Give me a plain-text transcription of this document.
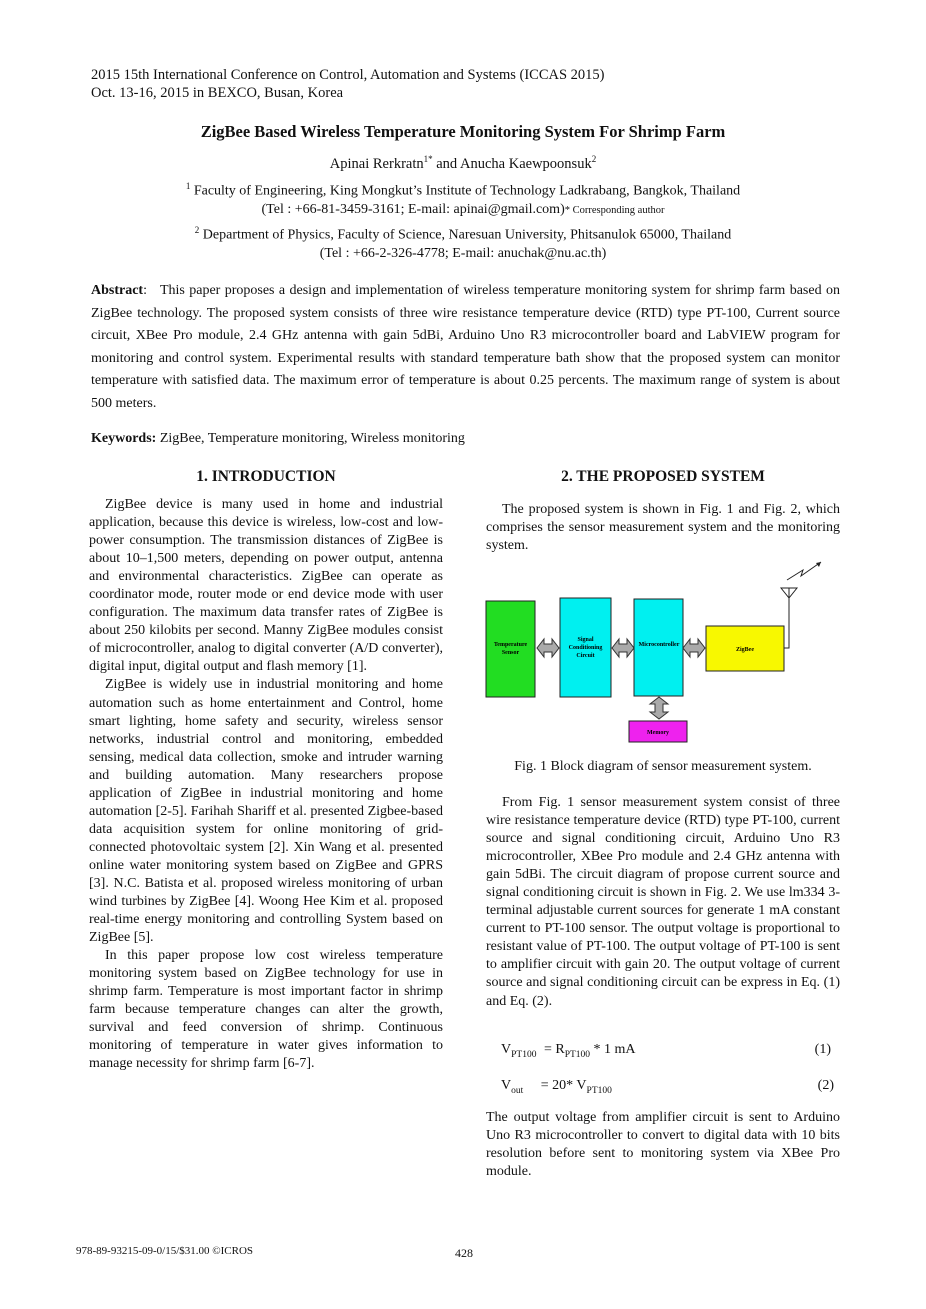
2015 15th International Conference on Control, Automation and Systems (ICCAS 2015)
Oct. 13-16, 2015 in BEXCO, Busan, Korea
ZigBee Based Wireless Temperature Monitoring System For Shrimp Farm
Apinai Rerkratn$^{1*}$ and Anucha Kaewpoonsuk$^2$
$^1$ Faculty of Engineering, King Mongkut’s Institute of Technology Ladkrabang, Bangkok, Thailand
(Tel : +66-81-3459-3161; E-mail: apinai@gmail.com)* Corresponding author
$^2$ Department of Physics, Faculty of Science, Naresuan University, Phitsanulok 65000, Thailand
(Tel : +66-2-326-4778; E-mail: anuchak@nu.ac.th)
Abstract:   This paper proposes a design and implementation of wireless temperature monitoring system for shrimp farm based on ZigBee technology. The proposed system consists of three wire resistance temperature device (RTD) type PT-100, Current source circuit, XBee Pro module, 2.4 GHz antenna with gain 5dBi, Arduino Uno R3 microcontroller board and LabVIEW program for monitoring and control system. Experimental results with standard temperature bath show that the proposed system can monitor temperature with satisfied data. The maximum error of temperature is about 0.25 percents. The maximum range of system is about 500 meters.
Keywords: ZigBee, Temperature monitoring, Wireless monitoring
1. INTRODUCTION

ZigBee device is many used in home and industrial application, because this device is wireless, low-cost and low-power consumption. The transmission distances of ZigBee is about 10–1,500 meters, depending on power output, antenna and environmental characteristics. ZigBee can operate as coordinator mode, router mode or end device mode with user configuration. The maximum data transfer rates of ZigBee is about 250 kilobits per second. Manny ZigBee modules consist of microcontroller, analog to digital converter (A/D converter), digital input, digital output and flash memory [1].

ZigBee is widely use in industrial monitoring and home automation such as home entertainment and Control, home smart lighting, home safety and security, wireless sensor networks, industrial control and monitoring, embedded sensing, medical data collection, smoke and intruder warning and building automation. Many researchers propose application of ZigBee in industrial monitoring and home automation [2-5]. Farihah Shariff et al. presented Zigbee-based data acquisition system for online monitoring of grid-connected photovoltaic system [2]. Xin Wang et al. presented online water monitoring system based on ZigBee and GPRS [3]. N.C. Batista et al. proposed wireless monitoring of urban wind turbines by ZigBee [4]. Woong Hee Kim et al. proposed real-time energy monitoring and controlling System based on ZigBee [5].

In this paper propose low cost wireless temperature monitoring system based on ZigBee technology for use in shrimp farm. Temperature is most important factor in shrimp farm because temperature changes can alter the growth, survival and feed conversion of shrimp. Continuous monitoring of temperature in water gives information to manage necessity for shrimp farm [6-7].

2. THE PROPOSED SYSTEM

The proposed system is shown in Fig. 1 and Fig. 2, which comprises the sensor measurement system and the monitoring system.

Temperature
Sensor
Signal
Conditioning
Circuit
Microcontroller
ZigBee
Memory
Fig. 1 Block diagram of sensor measurement system.

From Fig. 1 sensor measurement system consist of three wire resistance temperature device (RTD) type PT-100, current source and signal conditioning circuit, Arduino Uno R3 microcontroller, XBee Pro module and 2.4 GHz antenna with gain 5dBi. The circuit diagram of propose current source and signal conditioning circuit is shown in Fig. 2. We use lm334 3-terminal adjustable current sources for generate 1 mA constant current to PT-100 sensor. The output voltage is proportional to resistant value of PT-100. The output voltage of PT-100 is sent to amplifier circuit with gain 20. The output voltage of current source and signal conditioning circuit can be express in Eq. (1) and Eq. (2).

$V_{PT100} = R_{PT100} * 1$ mA	(1)
$V_{out} = 20*$ $V_{PT100}$	(2)

The output voltage from amplifier circuit is sent to Arduino Uno R3 microcontroller to convert to digital data with 10 bits resolution before sent to monitoring system via XBee Pro module.

978-89-93215-09-0/15/$31.00 ©ICROS	428
